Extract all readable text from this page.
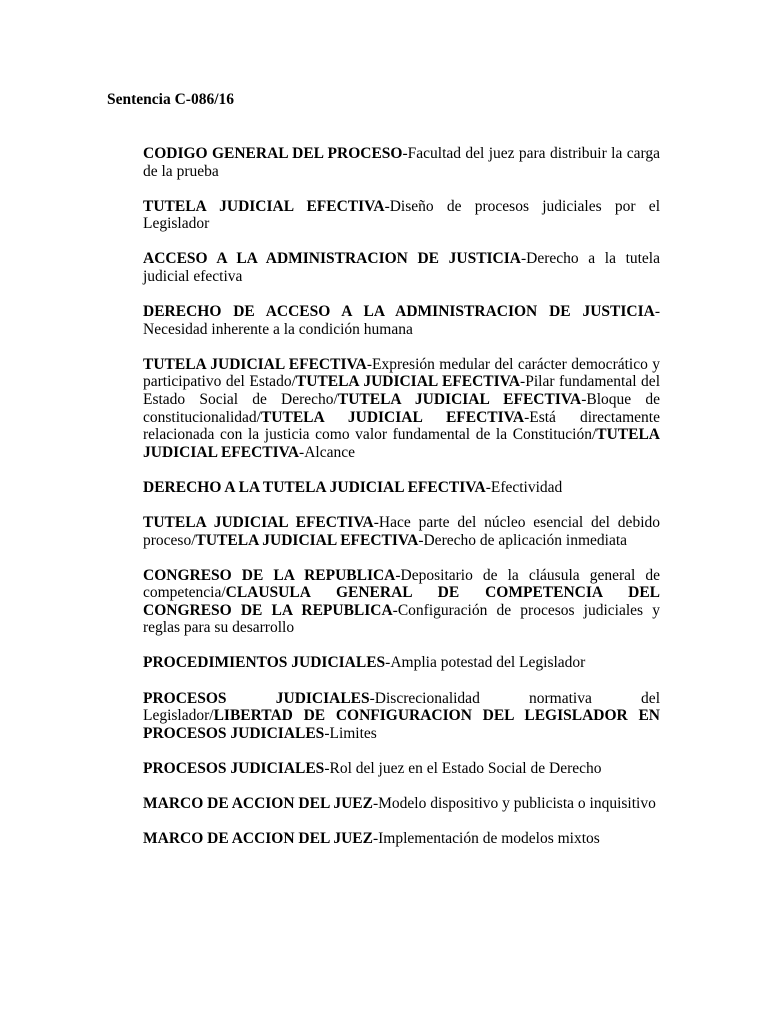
Sentencia C-086/16

CODIGO GENERAL DEL PROCESO-Facultad del juez para distribuir la carga de la prueba

TUTELA JUDICIAL EFECTIVA-Diseño de procesos judiciales por el Legislador

ACCESO A LA ADMINISTRACION DE JUSTICIA-Derecho a la tutela judicial efectiva

DERECHO DE ACCESO A LA ADMINISTRACION DE JUSTICIA-Necesidad inherente a la condición humana

TUTELA JUDICIAL EFECTIVA-Expresión medular del carácter democrático y participativo del Estado/TUTELA JUDICIAL EFECTIVA-Pilar fundamental del Estado Social de Derecho/TUTELA JUDICIAL EFECTIVA-Bloque de constitucionalidad/TUTELA JUDICIAL EFECTIVA-Está directamente relacionada con la justicia como valor fundamental de la Constitución/TUTELA JUDICIAL EFECTIVA-Alcance

DERECHO A LA TUTELA JUDICIAL EFECTIVA-Efectividad

TUTELA JUDICIAL EFECTIVA-Hace parte del núcleo esencial del debido proceso/TUTELA JUDICIAL EFECTIVA-Derecho de aplicación inmediata

CONGRESO DE LA REPUBLICA-Depositario de la cláusula general de competencia/CLAUSULA GENERAL DE COMPETENCIA DEL CONGRESO DE LA REPUBLICA-Configuración de procesos judiciales y reglas para su desarrollo

PROCEDIMIENTOS JUDICIALES-Amplia potestad del Legislador

PROCESOS JUDICIALES-Discrecionalidad normativa del Legislador/LIBERTAD DE CONFIGURACION DEL LEGISLADOR EN PROCESOS JUDICIALES-Limites

PROCESOS JUDICIALES-Rol del juez en el Estado Social de Derecho

MARCO DE ACCION DEL JUEZ-Modelo dispositivo y publicista o inquisitivo

MARCO DE ACCION DEL JUEZ-Implementación de modelos mixtos
